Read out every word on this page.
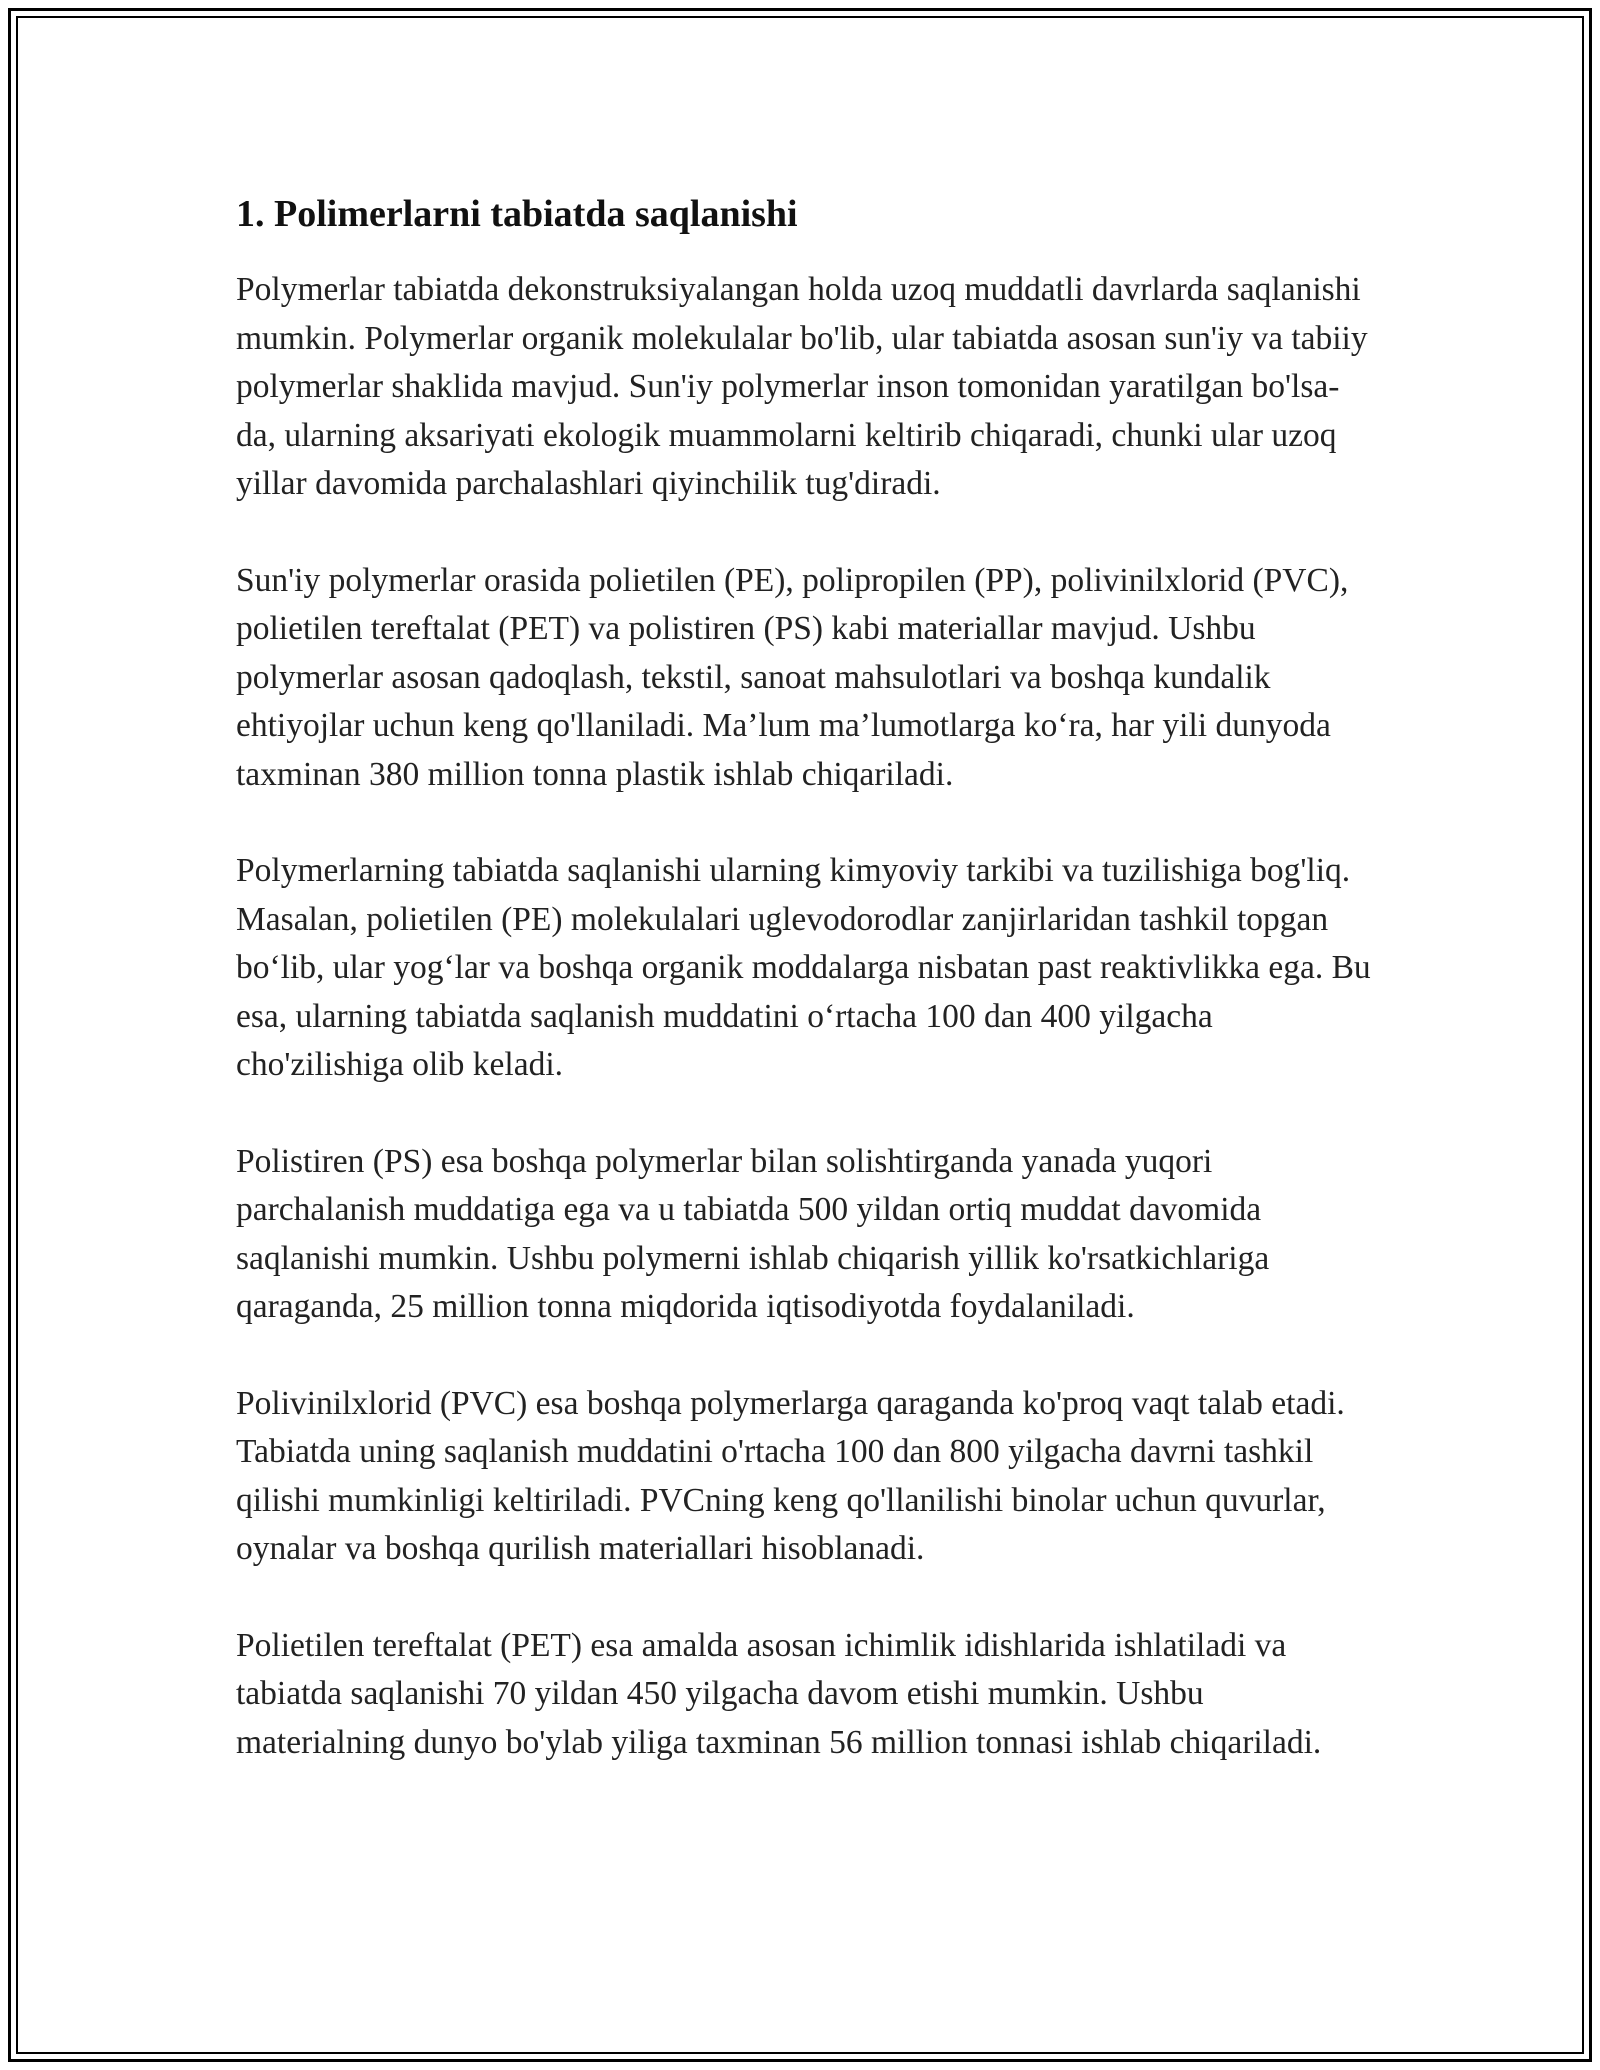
1. Polimerlarni tabiatda saqlanishi

Polymerlar tabiatda dekonstruksiyalangan holda uzoq muddatli davrlarda saqlanishi mumkin. Polymerlar organik molekulalar bo'lib, ular tabiatda asosan sun'iy va tabiiy polymerlar shaklida mavjud. Sun'iy polymerlar inson tomonidan yaratilgan bo'lsa-da, ularning aksariyati ekologik muammolarni keltirib chiqaradi, chunki ular uzoq yillar davomida parchalashlari qiyinchilik tug'diradi.

Sun'iy polymerlar orasida polietilen (PE), polipropilen (PP), polivinilxlorid (PVC), polietilen tereftalat (PET) va polistiren (PS) kabi materiallar mavjud. Ushbu polymerlar asosan qadoqlash, tekstil, sanoat mahsulotlari va boshqa kundalik ehtiyojlar uchun keng qo'llaniladi. Ma’lum ma’lumotlarga ko‘ra, har yili dunyoda taxminan 380 million tonna plastik ishlab chiqariladi.

Polymerlarning tabiatda saqlanishi ularning kimyoviy tarkibi va tuzilishiga bog'liq. Masalan, polietilen (PE) molekulalari uglevodorodlar zanjirlaridan tashkil topgan bo‘lib, ular yog‘lar va boshqa organik moddalarga nisbatan past reaktivlikka ega. Bu esa, ularning tabiatda saqlanish muddatini o‘rtacha 100 dan 400 yilgacha cho'zilishiga olib keladi.

Polistiren (PS) esa boshqa polymerlar bilan solishtirganda yanada yuqori parchalanish muddatiga ega va u tabiatda 500 yildan ortiq muddat davomida saqlanishi mumkin. Ushbu polymerni ishlab chiqarish yillik ko'rsatkichlariga qaraganda, 25 million tonna miqdorida iqtisodiyotda foydalaniladi.

Polivinilxlorid (PVC) esa boshqa polymerlarga qaraganda ko'proq vaqt talab etadi. Tabiatda uning saqlanish muddatini o'rtacha 100 dan 800 yilgacha davrni tashkil qilishi mumkinligi keltiriladi. PVCning keng qo'llanilishi binolar uchun quvurlar, oynalar va boshqa qurilish materiallari hisoblanadi.

Polietilen tereftalat (PET) esa amalda asosan ichimlik idishlarida ishlatiladi va tabiatda saqlanishi 70 yildan 450 yilgacha davom etishi mumkin. Ushbu materialning dunyo bo'ylab yiliga taxminan 56 million tonnasi ishlab chiqariladi.
